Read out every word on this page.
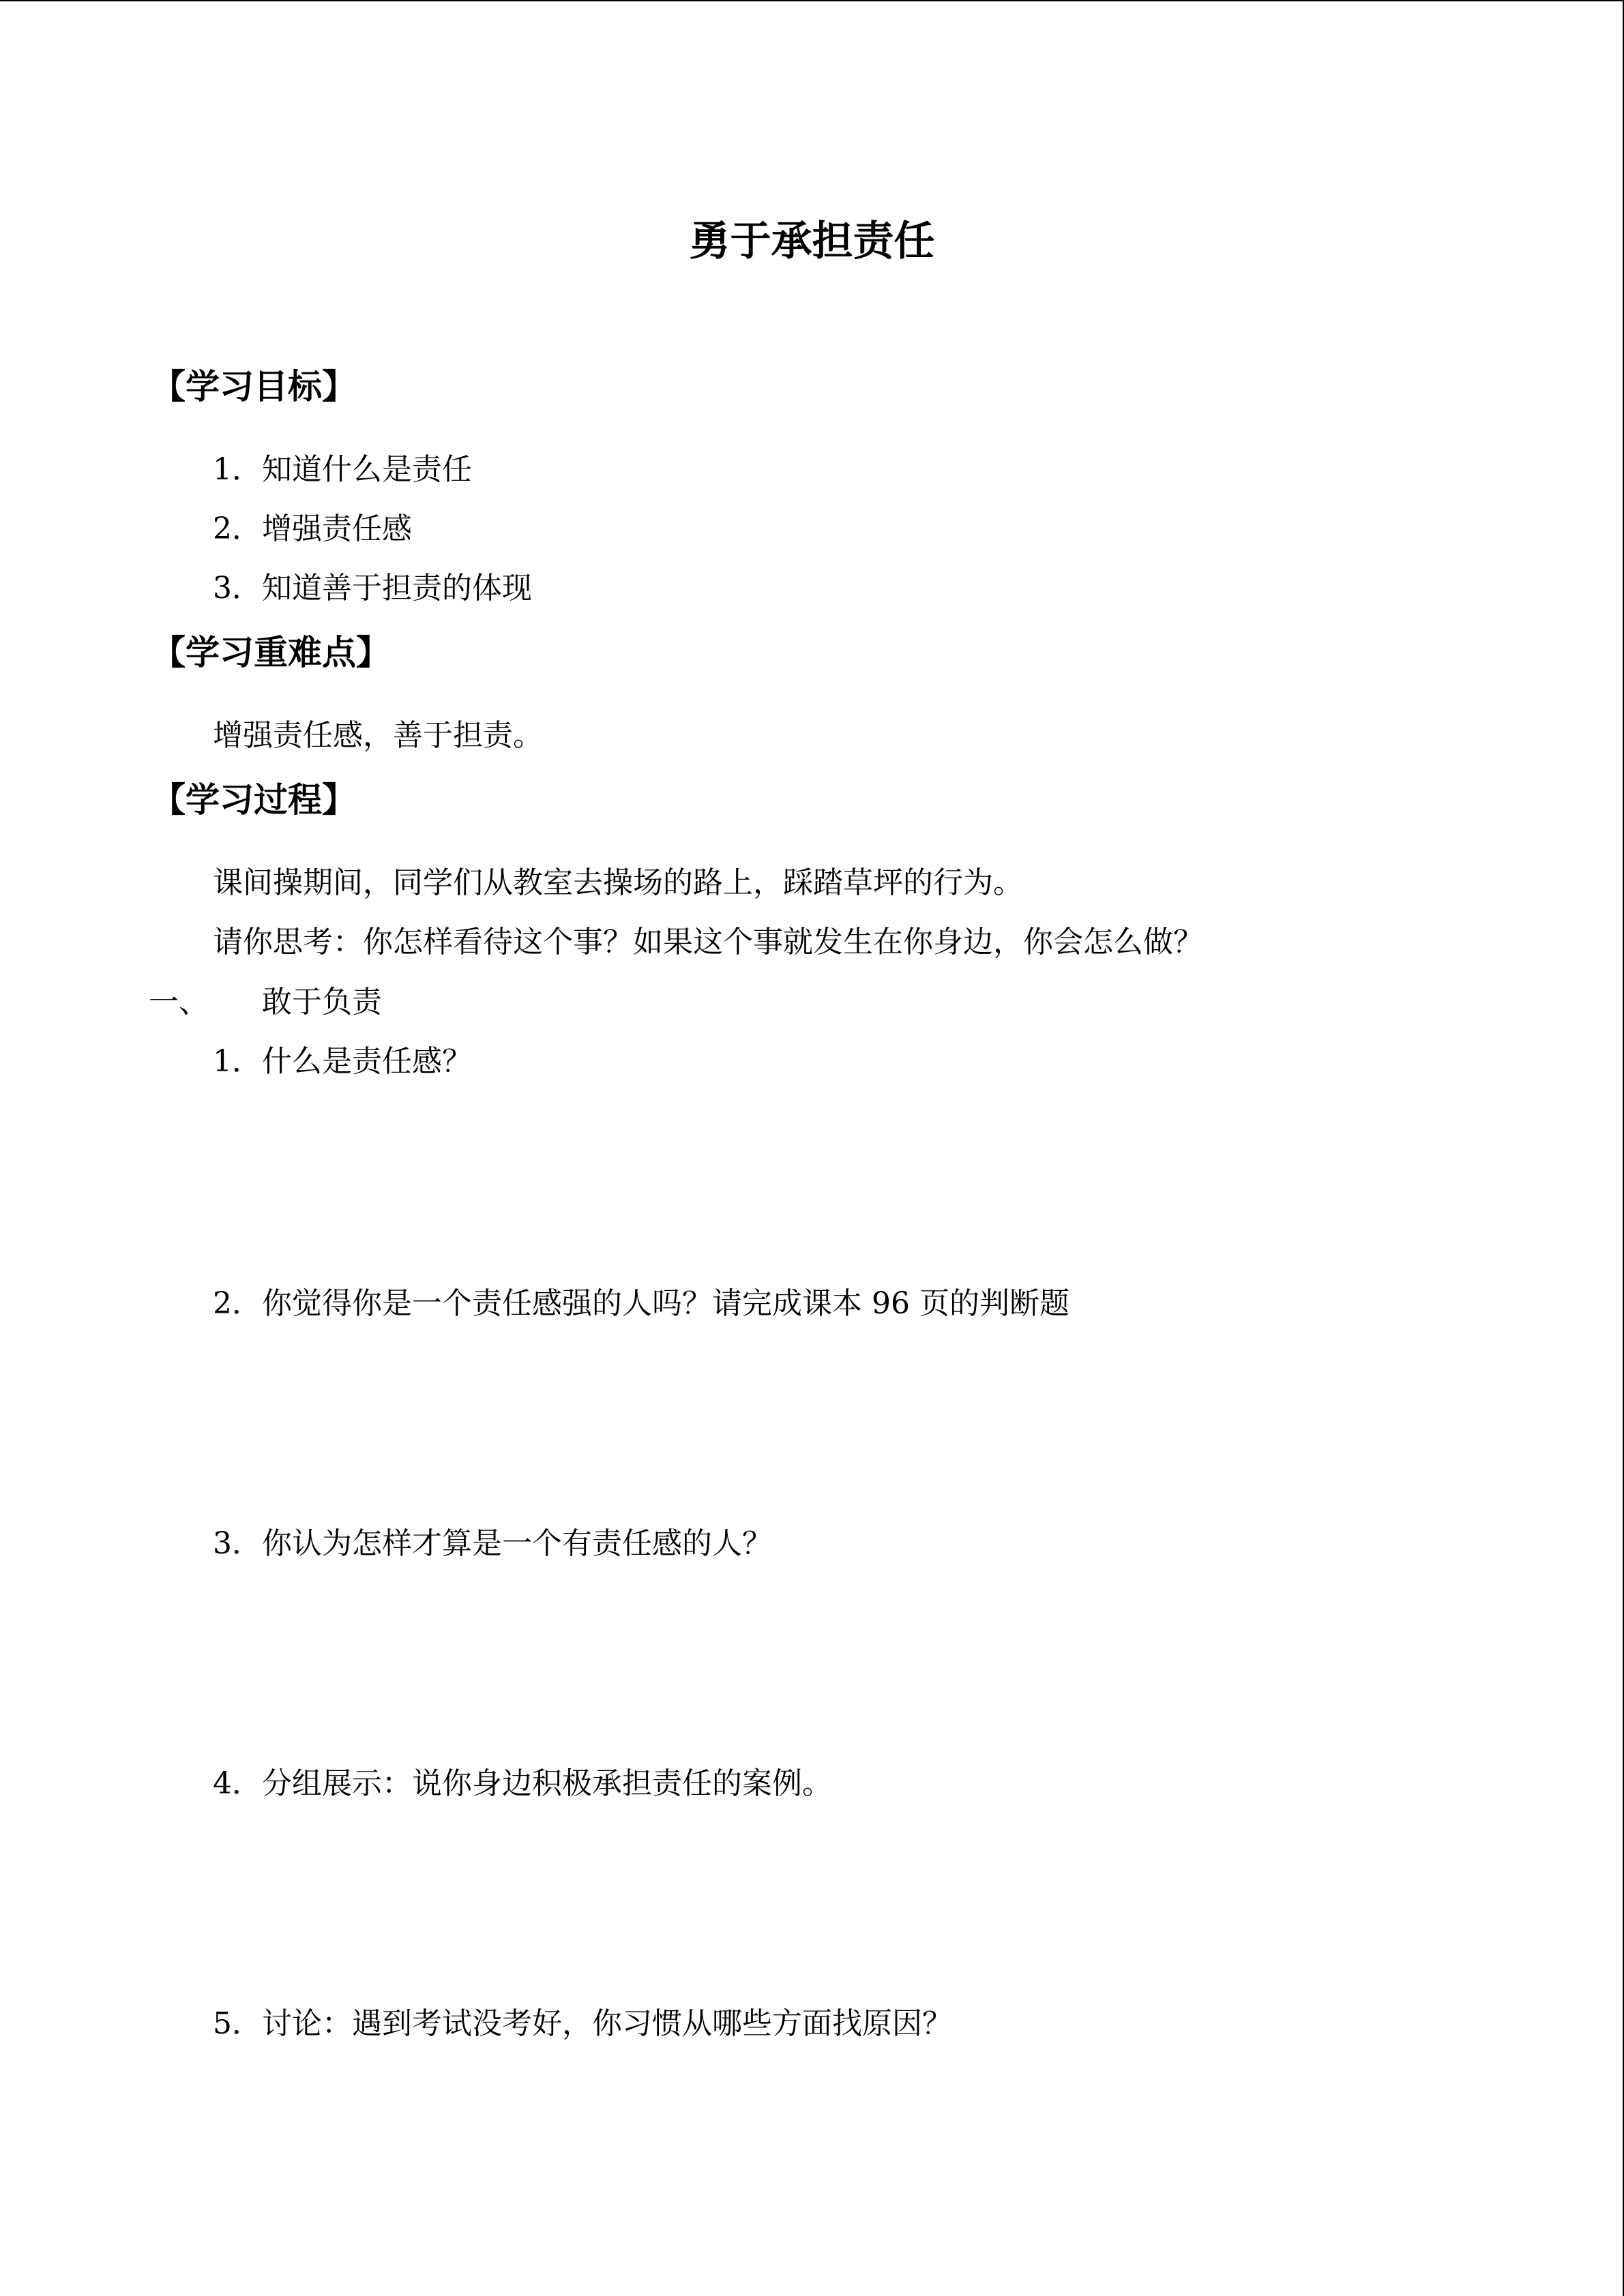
勇于承担责任
【学习目标】
1．知道什么是责任
2．增强责任感
3．知道善于担责的体现
【学习重难点】
增强责任感，善于担责。
【学习过程】
课间操期间，同学们从教室去操场的路上，踩踏草坪的行为。
请你思考：你怎样看待这个事？如果这个事就发生在你身边，你会怎么做？
一、 敢于负责
1．什么是责任感？
2．你觉得你是一个责任感强的人吗？请完成课本 96 页的判断题
3．你认为怎样才算是一个有责任感的人？
4．分组展示：说你身边积极承担责任的案例。
5．讨论：遇到考试没考好，你习惯从哪些方面找原因？
